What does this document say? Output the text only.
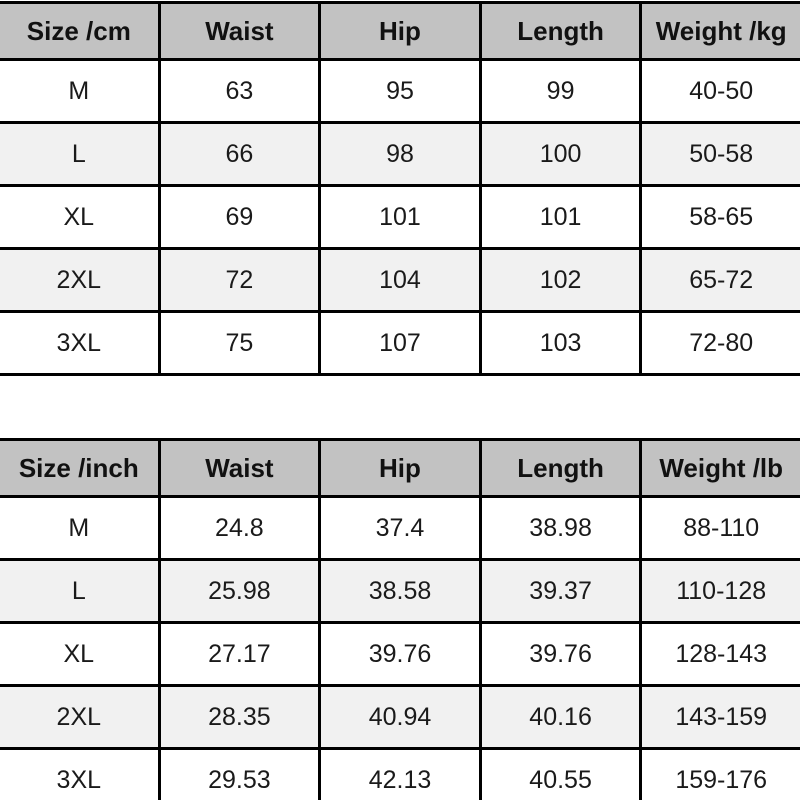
Size /cm	Waist	Hip	Length	Weight /kg
M	63	95	99	40-50
L	66	98	100	50-58
XL	69	101	101	58-65
2XL	72	104	102	65-72
3XL	75	107	103	72-80
Size /inch	Waist	Hip	Length	Weight /lb
M	24.8	37.4	38.98	88-110
L	25.98	38.58	39.37	110-128
XL	27.17	39.76	39.76	128-143
2XL	28.35	40.94	40.16	143-159
3XL	29.53	42.13	40.55	159-176
